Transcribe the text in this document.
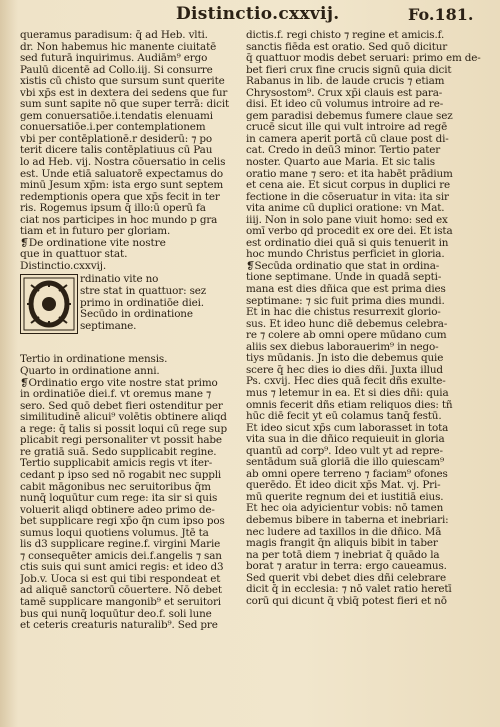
Distinctio.cxxvij.	Fo.181.
queramus paradisum: q̄ ad Heb. vlti.
dr. Non habemus hic manente ciuitatē
sed futurā inquirimus. Audiām⁹ ergo
Paulū dicentē ad Collo.iij. Si consurre
xistis cū cħisto que sursum sunt querite
vbi xp̄s est in dextera dei sedens que fur
sum sunt sapite nō que super terrā: dicit
gem conuersatiōe.i.tendatis elenuami
conuersatiōe.i.per contemplationem
vbi per contēplationē.r desiderū: ⁊ po
terit dicere talis contēplatiuus cū Pau
lo ad Heb. vij. Nostra cōuersatio in celis
est. Unde etiā saluatorē expectamus do
minū Jesum xp̄m: ista ergo sunt septem
redemptionis opera que xp̄s fecit in ter
ris. Rogemus ipsum q̄ illo:ū operū fa
ciat nos participes in hoc mundo p gra
tiam et in futuro per gloriam.
❡De ordinatione vite nostre
que in quattuor stat.
Distinctio.cxxvij.
rdinatio vite no
stre stat in quattuor: sez
primo in ordinatiōe diei.
Secūdo in ordinatione
septimane.
Tertio in ordinatione mensis.
Quarto in ordinatione anni.
❡Ordinatio ergo vite nostre stat primo
in ordinatiōe diei.f. vt oremus mane ⁊
sero. Sed quō debet fieri ostenditur per
similitudinē alicui⁹ volētis obtinere aliqḋ
a rege: q̄ talis si possit loqui cū rege sup
plicabit regi personaliter vt possit habe
re gratiā suā. Sedo supplicabit regine.
Tertio supplicabit amicis regis vt iter-
cedant p ipso sed nō rogabit nec suppli
cabit māgonibus nec seruitoribus q̄m
nunq̄ loquūtur cum rege: ita sir si quis
voluerit aliqḋ obtinere adeo primo de-
bet supplicare regi xp̄o q̄n cum ipso pos
sumus loqui quotiens volumus. Jtē ta
lis d3 supplicare regine.f. virgini Marie
⁊ consequēter amicis dei.f.angelis ⁊ san
ctis suis qui sunt amici regis: et ideo d3
Job.v. Uoca si est qui tibi respondeat et
ad aliquē sanctorū cōuertere. Nō debet
tamē supplicare mangonib⁹ et seruitori
bus qui nunq̄ loquūtur deo.f. soli lune
et ceteris creaturis naturalib⁹. Sed pre
dictis.f. regi chisto ⁊ regine et amicis.f.
sanctis fiēda est oratio. Sed quō dicitur
q̄ quattuor modis debet seruari: primo em de-
bet fieri crux fine crucis signū quia dicit
Rabanus in lib. de laude crucis ⁊ etiam
Chrysostom⁹. Crux xp̄i clauis est para-
disi. Et ideo cū volumus introire ad re-
gem paradisi debemus fumere claue sez
crucē sicut ille qui vult introire ad regē
in camera aperit portā cū claue post di-
cat. Credo in deū3 minor. Tertio pater
noster. Quarto aue Maria. Et sic talis
oratio mane ⁊ sero: et ita habēt prādium
et cena aie. Et sicut corpus in duplici re
fectione in die cōseruatur in vita: ita sir
vita anime cū duplici oratione: vn Mat.
iiij. Non in solo pane viuit homo: sed ex
omī verbo qḋ procedit ex ore dei. Et ista
est ordinatio diei quā si quis tenuerit in
hoc mundo Christus perficiet in gloria.
❡Secūda ordinatio que stat in ordina-
tione septimane. Unde in quadā septi-
mana est dies dñica que est prima dies
septimane: ⁊ sic fuit prima dies mundi.
Et in hac die chistus resurrexit glorio-
sus. Et ideo hunc diē debemus celebra-
re ⁊ colere ab omni opere mūdano cum
aliis sex diebus laborauerim⁹ in nego-
tiys mūdanis. Jn isto die debemus quie
scere q̄ hec dies io dies dñi. Juxta illud
Ps. cxvij. Hec dies quā fecit dñs exulte-
mus ⁊ letemur in ea. Et si dies dñi: quia
omnis fecerit dñs etiam reliquos dies: tñ
hūc diē fecit yt eū colamus tanq̄ festū.
Et ideo sicut xp̄s cum laborasset in tota
vita sua in die dñico requieuit in gloria
quantū ad corp⁹. Ideo vult yt ad repre-
sentādum suā gloriā die illo quiescam⁹
ab omni opere terreno ⁊ faciam⁹ ofones
querēdo. Et ideo dicit xp̄s Mat. vj. Pri-
mū querite regnum dei et iustitiā eius.
Et hec oia adyicientur vobis: nō tamen
debemus bibere in taberna et inebriari:
nec ludere ad taxillos in die dñico. Mā
magis frangit q̄n aliquis bibit in taber
na per totā diem ⁊ inebriat q̄ quādo la
borat ⁊ aratur in terra: ergo caueamus.
Sed querit vbi debet dies dñi celebrare
dicit q̄ in ecclesia: ⁊ nō valet ratio heretī
corū qui dicunt q̄ vbiq̄ potest fieri et nō
